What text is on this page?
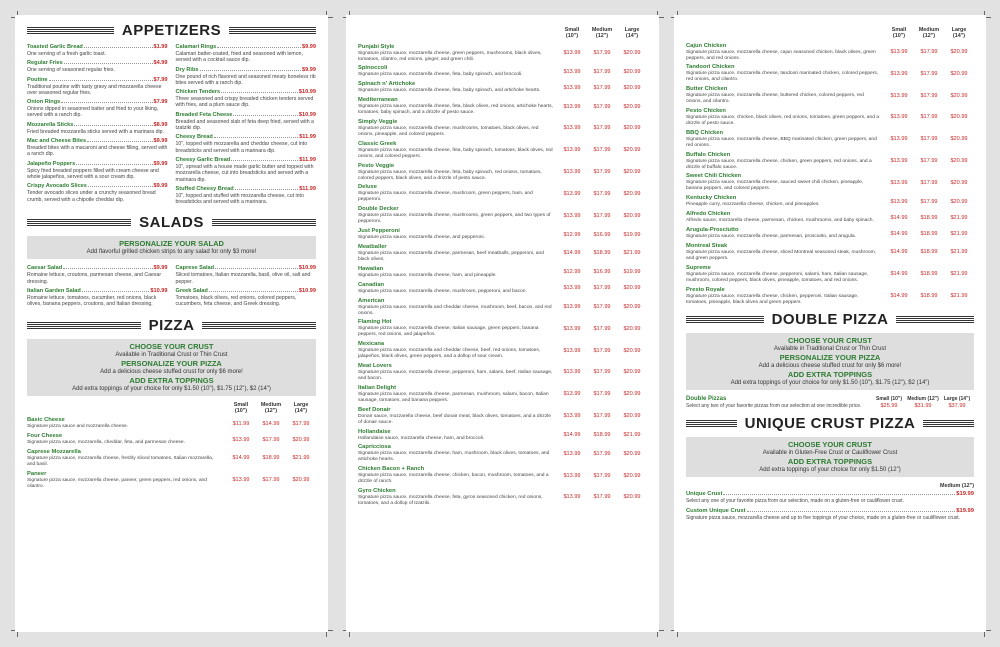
APPETIZERS
Toasted Garlic Bread	$1.99
One serving of a fresh garlic toast.
Regular Fries	$4.99
One serving of seasoned regular fries.
Poutine	$7.99
Traditional poutine with tasty gravy and mozzarella cheese over seasoned regular fries.
Onion Rings	$7.99
Onions dipped in seasoned batter and fried to your liking, served with a ranch dip.
Mozzarella Sticks	$8.99
Fried breaded mozzarella sticks served with a marinara dip.
Mac and Cheese Bites	$9.99
Breaded bites with a macaroni and cheese filling, served with a ranch dip.
Jalapeño Poppers	$9.99
Spicy fried breaded poppers filled with cream cheese and whole jalapeños, served with a sour cream dip.
Crispy Avocado Slices	$9.99
Tender avocado slices under a crunchy seasoned bread crumb, served with a chipotle cheddar dip.
Calamari Rings	$9.99
Calamari batter-coated, fried and seasoned with lemon, served with a cocktail sauce dip.
Dry Ribs	$9.99
One pound of rich flavored and seasoned meaty boneless rib bites served with a ranch dip.
Chicken Tenders	$10.99
Three seasoned and crispy breaded chicken tenders served with fries, and a plum sauce dip.
Breaded Feta Cheese	$10.99
Breaded and seasoned slab of feta deep fried, served with a tzatziki dip.
Cheesy Bread	$11.99
10", topped with mozzarella and cheddar cheese, cut into breadsticks and served with a marinara dip.
Cheesy Garlic Bread	$11.99
10", spread with a house made garlic butter and topped with mozzarella cheese, cut into breadsticks and served with a marinara dip.
Stuffed Cheesy Bread	$11.99
10", topped and stuffed with mozzarella cheese, cut into breadsticks and served with a marinara.
SALADS
PERSONALIZE YOUR SALAD
Add flavorful grilled chicken strips to any salad for only $3 more!
Caesar Salad	$9.99
Romaine lettuce, croutons, parmesan cheese, and Caesar dressing.
Italian Garden Salad	$10.99
Romaine lettuce, tomatoes, cucumber, red onions, black olives, banana peppers, croutons, and Italian dressing.
Caprese Salad	$10.99
Sliced tomatoes, Italian mozzarella, basil, olive oil, salt and pepper.
Greek Salad	$10.99
Tomatoes, black olives, red onions, colored peppers, cucumbers, feta cheese, and Greek dressing.
PIZZA
CHOOSE YOUR CRUST
Available in Traditional Crust or Thin Crust
PERSONALIZE YOUR PIZZA
Add a delicious cheese stuffed crust for only $6 more!
ADD EXTRA TOPPINGS
Add extra toppings of your choice for only $1.50 (10"), $1.75 (12"), $2 (14")
Small
(10")
Medium
(12")
Large
(14")
Basic Cheese
Signature pizza sauce and mozzarella cheese.
$11.99	$14.99	$17.99
Four Cheese
Signature pizza sauce, mozzarella, cheddar, feta, and parmesan cheese.
$13.99	$17.99	$20.99
Caprese Mozzarella
Signature pizza sauce, mozzarella cheese, freshly sliced tomatoes, Italian mozzarella, and basil.
$14.99	$18.99	$21.99
Paneer
Signature pizza sauce, mozzarella cheese, paneer, green peppers, red onions, and cilantro.
$13.99	$17.99	$20.99
Small
(10")
Medium
(12")
Large
(14")
Punjabi Style
Signature pizza sauce, mozzarella cheese, green peppers, mushrooms, black olives, tomatoes, cilantro, red onions, ginger, and green chili.
$13.99	$17.99	$20.99
Spinoccoli
Signature pizza sauce, mozzarella cheese, feta, baby spinach, and broccoli.
$13.99	$17.99	$20.99
Spinach n' Artichoke
Signature pizza sauce, mozzarella cheese, feta, baby spinach, and artichoke hearts.
$13.99	$17.99	$20.99
Mediterranean
Signature pizza sauce, mozzarella cheese, feta, black olives, red onions, artichoke hearts, tomatoes, baby spinach, and a drizzle of pesto sauce.
$13.99	$17.99	$20.99
Simply Veggie
Signature pizza sauce, mozzarella cheese, mushrooms, tomatoes, black olives, red onions, pineapple, and colored peppers.
$13.99	$17.99	$20.99
Classic Greek
Signature pizza sauce, mozzarella cheese, feta, baby spinach, tomatoes, black olives, red onions, and colored peppers.
$13.99	$17.99	$20.99
Pesto Veggie
Signature pizza sauce, mozzarella cheese, feta, baby spinach, red onions, tomatoes, colored peppers, black olives, and a drizzle of pesto sauce.
$13.99	$17.99	$20.99
Deluxe
Signature pizza sauce, mozzarella cheese, mushroom, green peppers, ham, and pepperoni.
$13.99	$17.99	$20.99
Double Decker
Signature pizza sauce, mozzarella cheese, mushrooms, green peppers, and two types of pepperoni.
$13.99	$17.99	$20.99
Just Pepperoni
Signature pizza sauce, mozzarella cheese, and pepperoni.
$12.99	$16.99	$19.99
Meatballer
Signature pizza sauce, mozzarella cheese, parmesan, beef meatballs, pepperoni, and black olives.
$14.99	$18.99	$21.99
Hawaiian
Signature pizza sauce, mozzarella cheese, ham, and pineapple.
$12.99	$16.99	$19.99
Canadian
Signature pizza sauce, mozzarella cheese, mushroom, pepperoni, and bacon.
$13.99	$17.99	$20.99
American
Signature pizza sauce, mozzarella and cheddar cheese, mushroom, beef, bacon, and red onions.
$13.99	$17.99	$20.99
Flaming Hot
Signature pizza sauce, mozzarella cheese, Italian sausage, green peppers, banana peppers, red onions, and jalapeños.
$13.99	$17.99	$20.99
Mexicana
Signature pizza sauce, mozzarella and cheddar cheese, beef, red onions, tomatoes, jalapeños, black olives, green peppers, and a dollop of sour cream.
$13.99	$17.99	$20.99
Meat Lovers
Signature pizza sauce, mozzarella cheese, pepperoni, ham, salami, beef, Italian sausage, and bacon.
$13.99	$17.99	$20.99
Italian Delight
Signature pizza sauce, mozzarella cheese, parmesan, mushroom, salami, bacon, Italian sausage, tomatoes, and banana peppers.
$13.99	$17.99	$20.99
Beef Donair
Donair sauce, mozzarella cheese, beef donair meat, black olives, tomatoes, and a drizzle of donair sauce.
$13.99	$17.99	$20.99
Hollandaise
Hollandaise sauce, mozzarella cheese, ham, and broccoli.
$14.99	$18.99	$21.99
Capricciosa
Signature pizza sauce, mozzarella cheese, ham, mushroom, black olives, tomatoes, and artichoke hearts.
$13.99	$17.99	$20.99
Chicken Bacon + Ranch
Signature pizza sauce, mozzarella cheese, chicken, bacon, mushroom, tomatoes, and a drizzle of ranch.
$13.99	$17.99	$20.99
Gyro Chicken
Signature pizza sauce, mozzarella cheese, feta, gyros seasoned chicken, red onions, tomatoes, and a dollop of tzatziki.
$13.99	$17.99	$20.99
Small
(10")
Medium
(12")
Large
(14")
Cajun Chicken
Signature pizza sauce, mozzarella cheese, cajun seasoned chicken, black olives, green peppers, and red onions.
$13.99	$17.99	$20.99
Tandoori Chicken
Signature pizza sauce, mozzarella cheese, tandoori marinated chicken, colored peppers, red onions, and cilantro.
$13.99	$17.99	$20.99
Butter Chicken
Signature pizza sauce, mozzarella cheese, buttered chicken, colored peppers, red onions, and cilantro.
$13.99	$17.99	$20.99
Pesto Chicken
Signature pizza sauce, chicken, black olives, red onions, tomatoes, green peppers, and a drizzle of pesto sauce.
$13.99	$17.99	$20.99
BBQ Chicken
Signature pizza sauce, mozzarella cheese, BBQ marinated chicken, green peppers, and red onions.
$13.99	$17.99	$20.99
Buffalo Chicken
Signature pizza sauce, mozzarella cheese, chicken, green peppers, red onions, and a drizzle of buffalo sauce.
$13.99	$17.99	$20.99
Sweet Chili Chicken
Signature pizza sauce, mozzarella cheese, sauced sweet chili chicken, pineapple, banana peppers, and colored peppers.
$13.99	$17.99	$20.99
Kentucky Chicken
Pineapple curry, mozzarella cheese, chicken, and pineapples.
$13.99	$17.99	$20.99
Alfredo Chicken
Alfredo sauce, mozzarella cheese, parmesan, chicken, mushrooms, and baby spinach.
$14.99	$18.99	$21.99
Arugula-Prosciutto
Signature pizza sauce, mozzarella cheese, parmesan, prosciutto, and arugula.
$14.99	$18.99	$21.99
Montreal Steak
Signature pizza sauce, mozzarella cheese, sliced Montreal seasoned steak, mushroom, and green peppers.
$14.99	$18.99	$21.99
Supreme
Signature pizza sauce, mozzarella cheese, pepperoni, salami, ham, Italian sausage, mushroom, colored peppers, black olives, pineapple, tomatoes, and red onions.
$14.99	$18.99	$21.99
Presto Royale
Signature pizza sauce, mozzarella cheese, chicken, pepperoni, Italian sausage, tomatoes, pineapple, black olives and green peppers.
$14.99	$18.99	$21.99
DOUBLE PIZZA
CHOOSE YOUR CRUST
Available in Traditional Crust or Thin Crust
PERSONALIZE YOUR PIZZA
Add a delicious cheese stuffed crust for only $6 more!
ADD EXTRA TOPPINGS
Add extra toppings of your choice for only $1.50 (10"), $1.75 (12"), $2 (14")
Double Pizzas
Select any two of your favorite pizzas from our selection at one incredible price.
Small (10")
$25.99
Medium (12")
$31.99
Large (14")
$37.99
UNIQUE CRUST PIZZA
CHOOSE YOUR CRUST
Available in Gluten-Free Crust or Cauliflower Crust
ADD EXTRA TOPPINGS
Add extra toppings of your choice for only $1.50 (12")
Medium (12")
Unique Crust	$19.99
Select any one of your favorite pizza from our selection, made on a gluten-free or cauliflower crust.
Custom Unique Crust	$19.99
Signature pizza sauce, mozzarella cheese and up to five toppings of your choice, made on a gluten-free or cauliflower crust.
